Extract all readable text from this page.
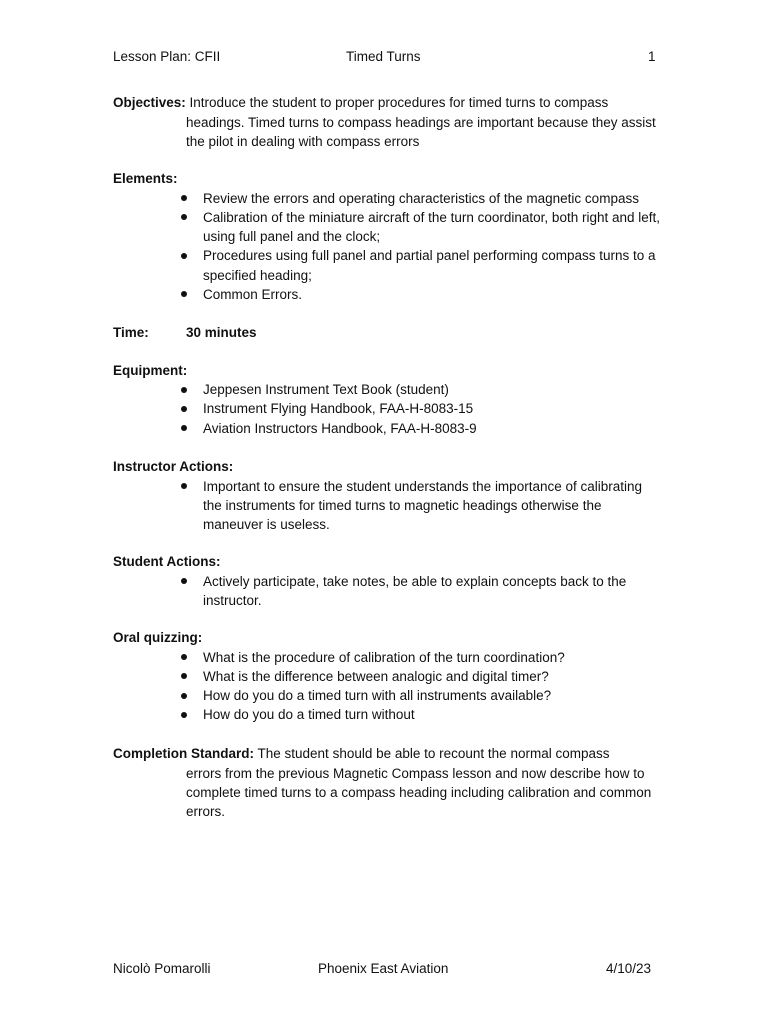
Lesson Plan: CFII	Timed Turns	1
Objectives: Introduce the student to proper procedures for timed turns to compass
headings. Timed turns to compass headings are important because they assist the pilot in dealing with compass errors
Elements:
Review the errors and operating characteristics of the magnetic compass
Calibration of the miniature aircraft of the turn coordinator, both right and left, using full panel and the clock;
Procedures using full panel and partial panel performing compass turns to a specified heading;
Common Errors.
Time:	30 minutes
Equipment:
Jeppesen Instrument Text Book (student)
Instrument Flying Handbook, FAA-H-8083-15
Aviation Instructors Handbook, FAA-H-8083-9
Instructor Actions:
Important to ensure the student understands the importance of calibrating the instruments for timed turns to magnetic headings otherwise the maneuver is useless.
Student Actions:
Actively participate, take notes, be able to explain concepts back to the instructor.
Oral quizzing:
What is the procedure of calibration of the turn coordination?
What is the difference between analogic and digital timer?
How do you do a timed turn with all instruments available?
How do you do a timed turn without
Completion Standard: The student should be able to recount the normal compass
errors from the previous Magnetic Compass lesson and now describe how to complete timed turns to a compass heading including calibration and common errors.
Nicolò Pomarolli	Phoenix East Aviation	4/10/23
